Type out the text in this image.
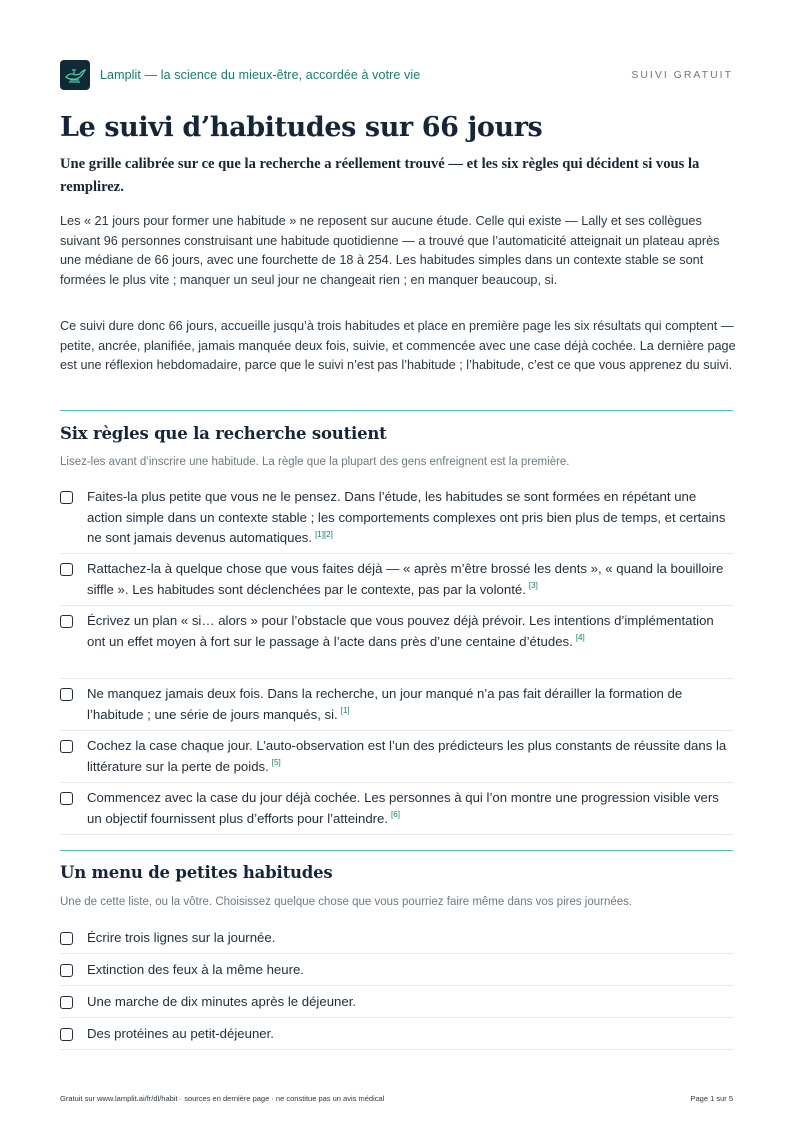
Lamplit — la science du mieux-être, accordée à votre vie	SUIVI GRATUIT
Le suivi d’habitudes sur 66 jours

Une grille calibrée sur ce que la recherche a réellement trouvé — et les six règles qui décident si vous la remplirez.

Les « 21 jours pour former une habitude » ne reposent sur aucune étude. Celle qui existe — Lally et ses collègues suivant 96 personnes construisant une habitude quotidienne — a trouvé que l’automaticité atteignait un plateau après une médiane de 66 jours, avec une fourchette de 18 à 254. Les habitudes simples dans un contexte stable se sont formées le plus vite ; manquer un seul jour ne changeait rien ; en manquer beaucoup, si.

Ce suivi dure donc 66 jours, accueille jusqu’à trois habitudes et place en première page les six résultats qui comptent — petite, ancrée, planifiée, jamais manquée deux fois, suivie, et commencée avec une case déjà cochée. La dernière page est une réflexion hebdomadaire, parce que le suivi n’est pas l’habitude ; l’habitude, c’est ce que vous apprenez du suivi.

Six règles que la recherche soutient

Lisez-les avant d’inscrire une habitude. La règle que la plupart des gens enfreignent est la première.

Faites-la plus petite que vous ne le pensez. Dans l’étude, les habitudes se sont formées en répétant une action simple dans un contexte stable ; les comportements complexes ont pris bien plus de temps, et certains ne sont jamais devenus automatiques. [1][2]
Rattachez-la à quelque chose que vous faites déjà — « après m’être brossé les dents », « quand la bouilloire siffle ». Les habitudes sont déclenchées par le contexte, pas par la volonté. [3]
Écrivez un plan « si… alors » pour l’obstacle que vous pouvez déjà prévoir. Les intentions d’implémentation ont un effet moyen à fort sur le passage à l’acte dans près d’une centaine d’études. [4]
Ne manquez jamais deux fois. Dans la recherche, un jour manqué n’a pas fait dérailler la formation de l’habitude ; une série de jours manqués, si. [1]
Cochez la case chaque jour. L’auto-observation est l’un des prédicteurs les plus constants de réussite dans la littérature sur la perte de poids. [5]
Commencez avec la case du jour déjà cochée. Les personnes à qui l’on montre une progression visible vers un objectif fournissent plus d’efforts pour l’atteindre. [6]
Un menu de petites habitudes

Une de cette liste, ou la vôtre. Choisissez quelque chose que vous pourriez faire même dans vos pires journées.

Écrire trois lignes sur la journée.
Extinction des feux à la même heure.
Une marche de dix minutes après le déjeuner.
Des protéines au petit-déjeuner.
Gratuit sur www.lamplit.ai/fr/dl/habit · sources en dernière page · ne constitue pas un avis médical	Page 1 sur 5
